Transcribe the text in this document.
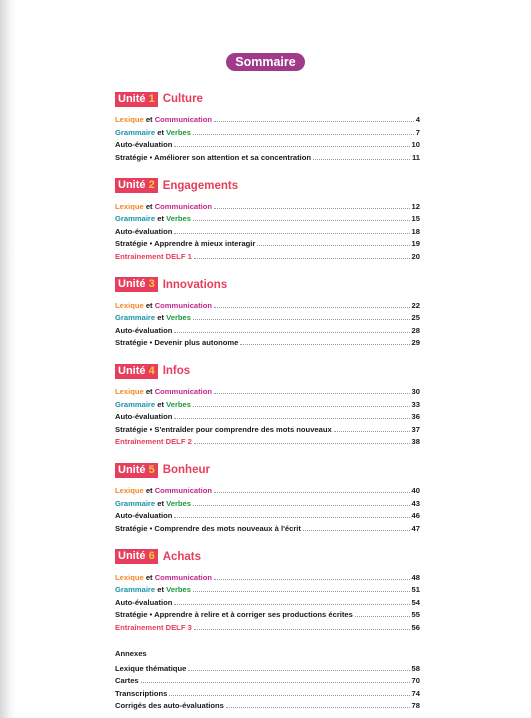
Sommaire
Unité 1 Culture
Lexique et Communication	4
Grammaire et Verbes	7
Auto-évaluation	10
Stratégie • Améliorer son attention et sa concentration	11
Unité 2 Engagements
Lexique et Communication	12
Grammaire et Verbes	15
Auto-évaluation	18
Stratégie • Apprendre à mieux interagir	19
Entraînement DELF 1	20
Unité 3 Innovations
Lexique et Communication	22
Grammaire et Verbes	25
Auto-évaluation	28
Stratégie • Devenir plus autonome	29
Unité 4 Infos
Lexique et Communication	30
Grammaire et Verbes	33
Auto-évaluation	36
Stratégie • S'entraîder pour comprendre des mots nouveaux	37
Entraînement DELF 2	38
Unité 5 Bonheur
Lexique et Communication	40
Grammaire et Verbes	43
Auto-évaluation	46
Stratégie • Comprendre des mots nouveaux à l'écrit	47
Unité 6 Achats
Lexique et Communication	48
Grammaire et Verbes	51
Auto-évaluation	54
Stratégie • Apprendre à relire et à corriger ses productions écrites	55
Entraînement DELF 3	56
Annexes
Lexique thématique	58
Cartes	70
Transcriptions	74
Corrigés des auto-évaluations	78
